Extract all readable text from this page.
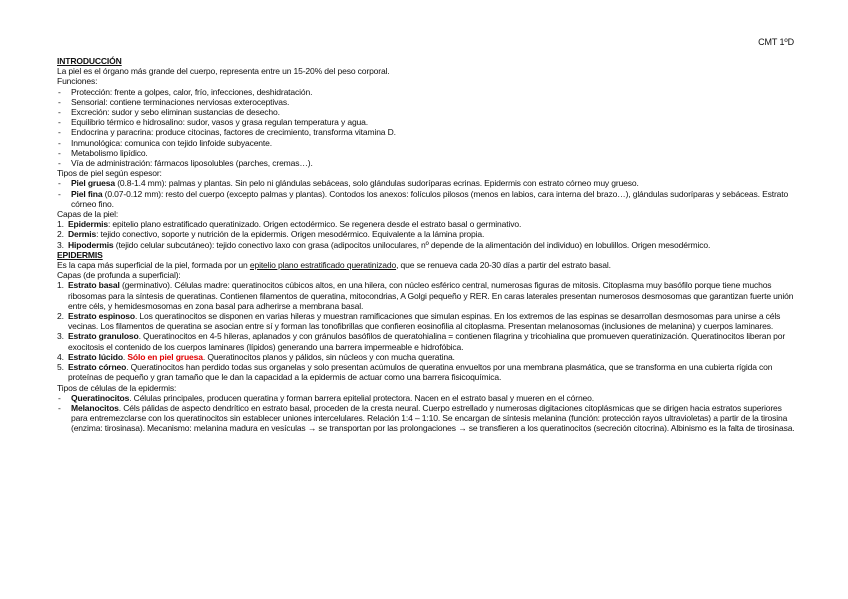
CMT 1ºD
INTRODUCCIÓN
La piel es el órgano más grande del cuerpo, representa entre un 15-20% del peso corporal.
Funciones:
- Protección: frente a golpes, calor, frío, infecciones, deshidratación.
- Sensorial: contiene terminaciones nerviosas exteroceptivas.
- Excreción: sudor y sebo eliminan sustancias de desecho.
- Equilibrio térmico e hidrosalino: sudor, vasos y grasa regulan temperatura y agua.
- Endocrina y paracrina: produce citocinas, factores de crecimiento, transforma vitamina D.
- Inmunológica: comunica con tejido linfoide subyacente.
- Metabolismo lipídico.
- Vía de administración: fármacos liposolubles (parches, cremas…).
Tipos de piel según espesor:
- Piel gruesa (0.8-1.4 mm): palmas y plantas. Sin pelo ni glándulas sebáceas, solo glándulas sudoríparas ecrinas. Epidermis con estrato córneo muy grueso.
- Piel fina (0.07-0.12 mm): resto del cuerpo (excepto palmas y plantas). Contodos los anexos: folículos pilosos (menos en labios, cara interna del brazo…), glándulas sudoríparas y sebáceas. Estrato córneo fino.
Capas de la piel:
1. Epidermis: epitelio plano estratificado queratinizado. Origen ectodérmico. Se regenera desde el estrato basal o germinativo.
2. Dermis: tejido conectivo, soporte y nutrición de la epidermis. Origen mesodérmico. Equivalente a la lámina propia.
3. Hipodermis (tejido celular subcutáneo): tejido conectivo laxo con grasa (adipocitos uniloculares, nº depende de la alimentación del individuo) en lobulillos. Origen mesodérmico.
EPIDERMIS
Es la capa más superficial de la piel, formada por un epitelio plano estratificado queratinizado, que se renueva cada 20-30 días a partir del estrato basal.
Capas (de profunda a superficial):
1. Estrato basal (germinativo). Células madre: queratinocitos cúbicos altos, en una hilera, con núcleo esférico central, numerosas figuras de mitosis. Citoplasma muy basófilo porque tiene muchos ribosomas para la síntesis de queratinas. Contienen filamentos de queratina, mitocondrias, A Golgi pequeño y RER. En caras laterales presentan numerosos desmosomas que garantizan fuerte unión entre céls, y hemidesmosomas en zona basal para adherirse a membrana basal.
2. Estrato espinoso. Los queratinocitos se disponen en varias hileras y muestran ramificaciones que simulan espinas. En los extremos de las espinas se desarrollan desmosomas para unirse a céls vecinas. Los filamentos de queratina se asocian entre sí y forman las tonofibrillas que confieren eosinofilia al citoplasma. Presentan melanosomas (inclusiones de melanina) y cuerpos laminares.
3. Estrato granuloso. Queratinocitos en 4-5 hileras, aplanados y con gránulos basófilos de queratohialina = contienen filagrina y tricohialina que promueven queratinización. Queratinocitos liberan por exocitosis el contenido de los cuerpos laminares (lípidos) generando una barrera impermeable e hidrofóbica.
4. Estrato lúcido. Sólo en piel gruesa. Queratinocitos planos y pálidos, sin núcleos y con mucha queratina.
5. Estrato córneo. Queratinocitos han perdido todas sus organelas y solo presentan acúmulos de queratina envueltos por una membrana plasmática, que se transforma en una cubierta rígida con proteínas de pequeño y gran tamaño que le dan la capacidad a la epidermis de actuar como una barrera fisicoquímica.
Tipos de células de la epidermis:
- Queratinocitos. Células principales, producen queratina y forman barrera epitelial protectora. Nacen en el estrato basal y mueren en el córneo.
- Melanocitos. Céls pálidas de aspecto dendrítico en estrato basal, proceden de la cresta neural. Cuerpo estrellado y numerosas digitaciones citoplásmicas que se dirigen hacia estratos superiores para entremezclarse con los queratinocitos sin establecer uniones intercelulares. Relación 1:4 – 1:10. Se encargan de síntesis melanina (función: protección rayos ultravioletas) a partir de la tirosina (enzima: tirosinasa). Mecanismo: melanina madura en vesículas → se transportan por las prolongaciones → se transfieren a los queratinocitos (secreción citocrina). Albinismo es la falta de tirosinasa.
